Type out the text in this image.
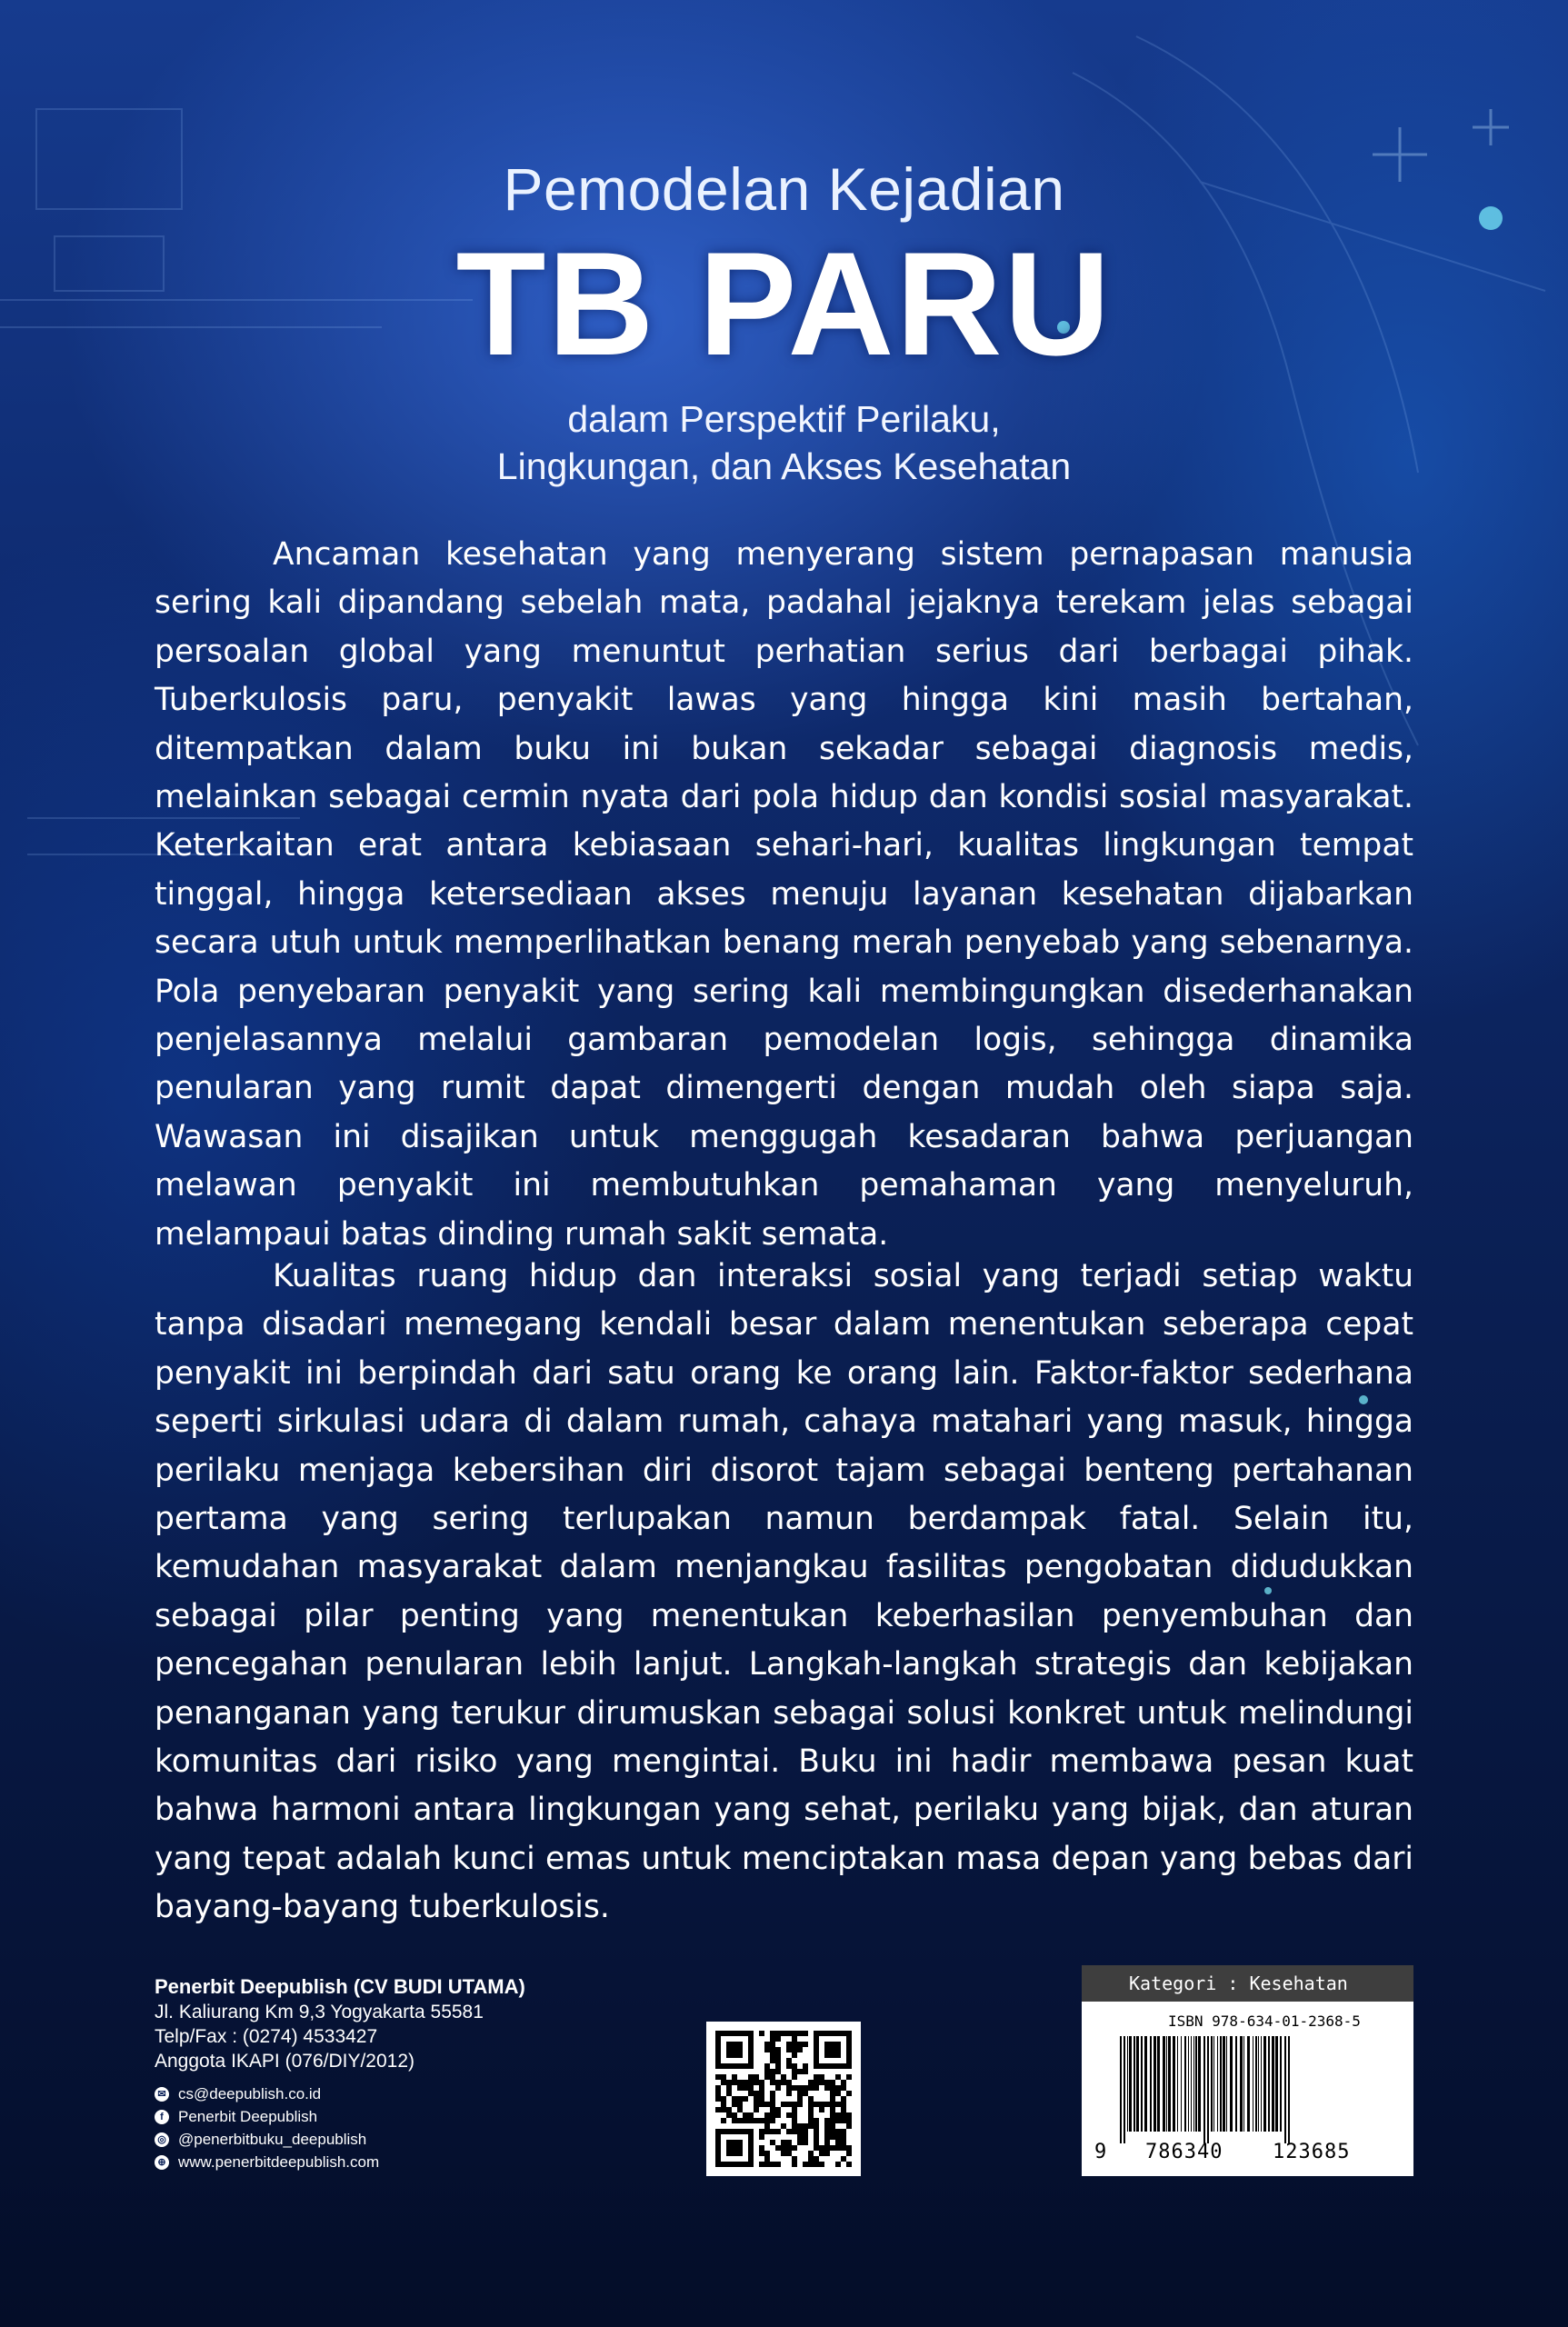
Pemodelan Kejadian
TB PARU
dalam Perspektif Perilaku,
Lingkungan, dan Akses Kesehatan

Ancaman kesehatan yang menyerang sistem pernapasan manusia sering kali dipandang sebelah mata, padahal jejaknya terekam jelas sebagai persoalan global yang menuntut perhatian serius dari berbagai pihak. Tuberkulosis paru, penyakit lawas yang hingga kini masih bertahan, ditempatkan dalam buku ini bukan sekadar sebagai diagnosis medis, melainkan sebagai cermin nyata dari pola hidup dan kondisi sosial masyarakat. Keterkaitan erat antara kebiasaan sehari-hari, kualitas lingkungan tempat tinggal, hingga ketersediaan akses menuju layanan kesehatan dijabarkan secara utuh untuk memperlihatkan benang merah penyebab yang sebenarnya. Pola penyebaran penyakit yang sering kali membingungkan disederhanakan penjelasannya melalui gambaran pemodelan logis, sehingga dinamika penularan yang rumit dapat dimengerti dengan mudah oleh siapa saja. Wawasan ini disajikan untuk menggugah kesadaran bahwa perjuangan melawan penyakit ini membutuhkan pemahaman yang menyeluruh, melampaui batas dinding rumah sakit semata.

Kualitas ruang hidup dan interaksi sosial yang terjadi setiap waktu tanpa disadari memegang kendali besar dalam menentukan seberapa cepat penyakit ini berpindah dari satu orang ke orang lain. Faktor-faktor sederhana seperti sirkulasi udara di dalam rumah, cahaya matahari yang masuk, hingga perilaku menjaga kebersihan diri disorot tajam sebagai benteng pertahanan pertama yang sering terlupakan namun berdampak fatal. Selain itu, kemudahan masyarakat dalam menjangkau fasilitas pengobatan didudukkan sebagai pilar penting yang menentukan keberhasilan penyembuhan dan pencegahan penularan lebih lanjut. Langkah-langkah strategis dan kebijakan penanganan yang terukur dirumuskan sebagai solusi konkret untuk melindungi komunitas dari risiko yang mengintai. Buku ini hadir membawa pesan kuat bahwa harmoni antara lingkungan yang sehat, perilaku yang bijak, dan aturan yang tepat adalah kunci emas untuk menciptakan masa depan yang bebas dari bayang-bayang tuberkulosis.

Penerbit Deepublish (CV BUDI UTAMA)
Jl. Kaliurang Km 9,3 Yogyakarta 55581
Telp/Fax : (0274) 4533427
Anggota IKAPI (076/DIY/2012)
✉ cs@deepublish.co.id
f Penerbit Deepublish
◎ @penerbitbuku_deepublish
⊕ www.penerbitdeepublish.com
Kategori : Kesehatan
ISBN 978-634-01-2368-5
9 786340 123685
